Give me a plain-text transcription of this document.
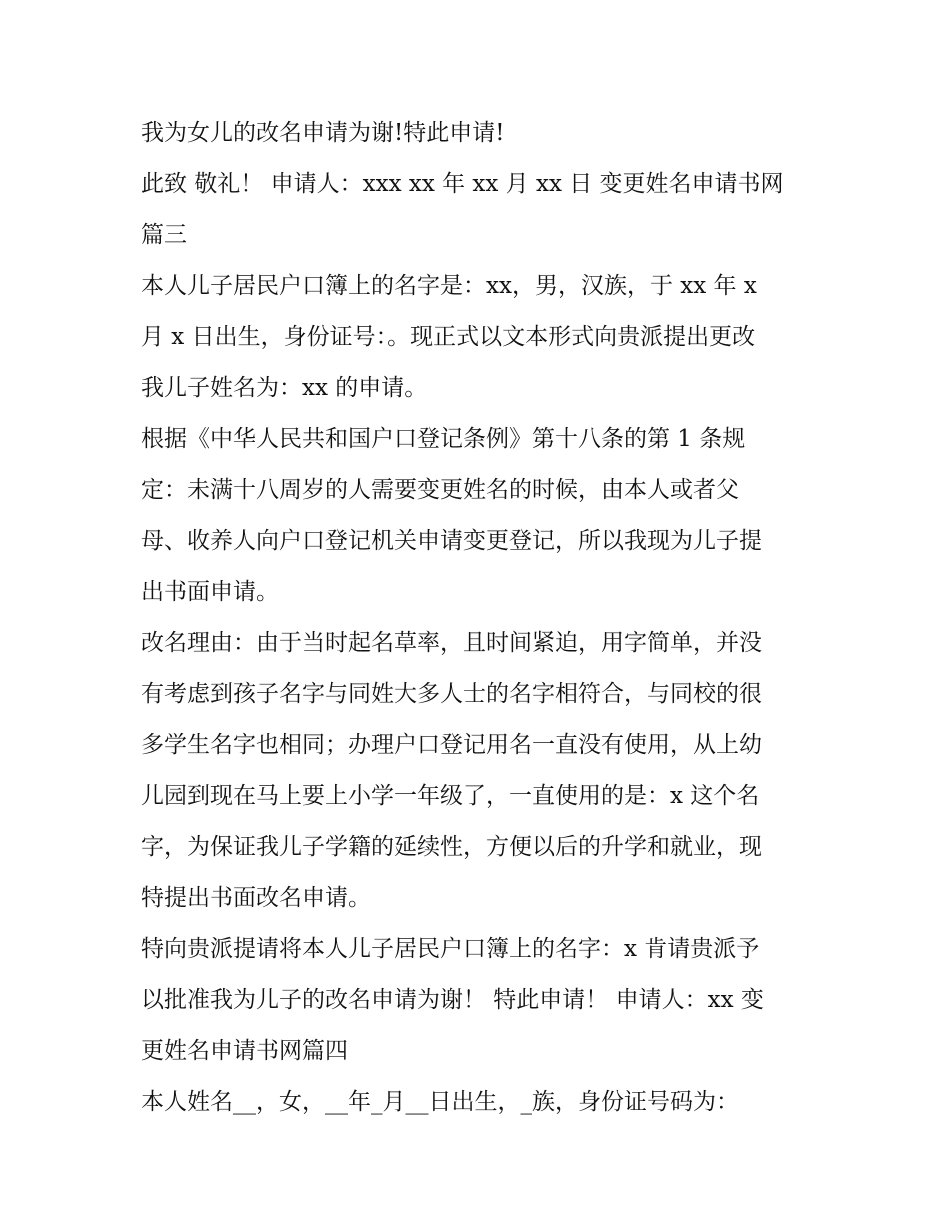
我为女儿的改名申请为谢!特此申请!
此致 敬礼！ 申请人：xxx xx 年 xx 月 xx 日 变更姓名申请书网
篇三
本人儿子居民户口簿上的名字是：xx，男，汉族，于 xx 年 x
月 x 日出生，身份证号：。现正式以文本形式向贵派提出更改
我儿子姓名为：xx 的申请。
根据《中华人民共和国户口登记条例》第十八条的第 1 条规
定：未满十八周岁的人需要变更姓名的时候，由本人或者父
母、收养人向户口登记机关申请变更登记，所以我现为儿子提
出书面申请。
改名理由：由于当时起名草率，且时间紧迫，用字简单，并没
有考虑到孩子名字与同姓大多人士的名字相符合，与同校的很
多学生名字也相同；办理户口登记用名一直没有使用，从上幼
儿园到现在马上要上小学一年级了，一直使用的是：x 这个名
字，为保证我儿子学籍的延续性，方便以后的升学和就业，现
特提出书面改名申请。
特向贵派提请将本人儿子居民户口簿上的名字：x 肯请贵派予
以批准我为儿子的改名申请为谢！ 特此申请！ 申请人：xx 变
更姓名申请书网篇四
本人姓名__，女，__年_月__日出生，_族，身份证号码为：
